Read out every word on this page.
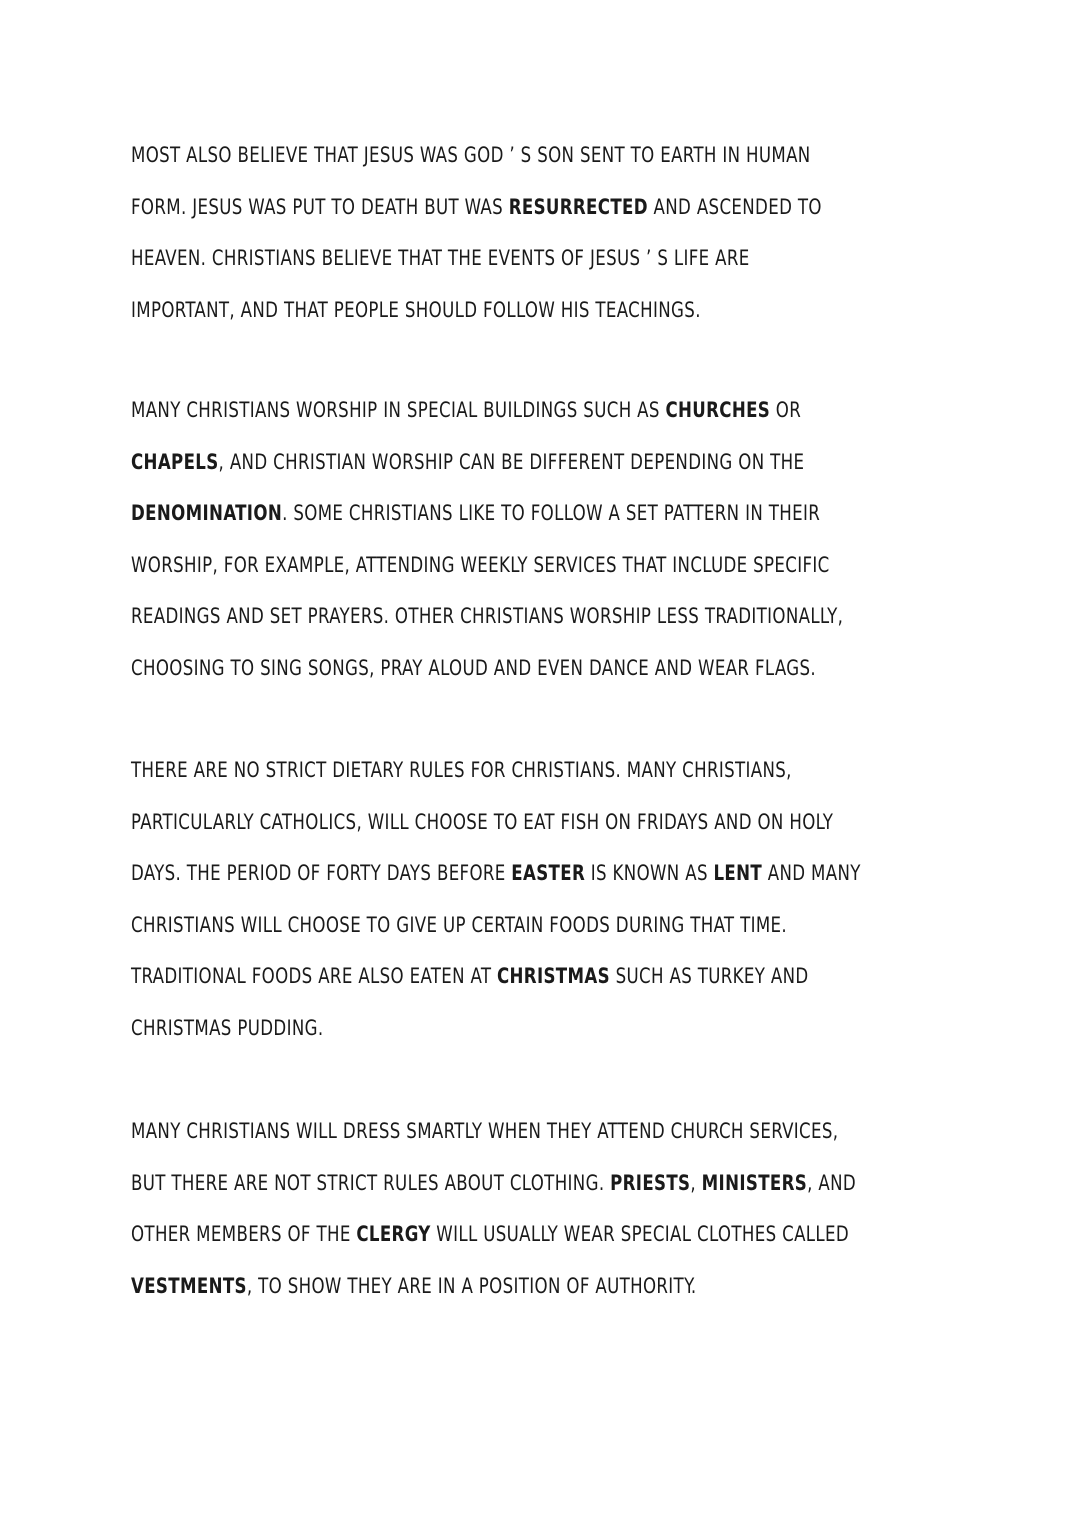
MOST ALSO BELIEVE THAT JESUS WAS GOD ’ S SON SENT TO EARTH IN HUMAN
FORM. JESUS WAS PUT TO DEATH BUT WAS RESURRECTED AND ASCENDED TO
HEAVEN. CHRISTIANS BELIEVE THAT THE EVENTS OF JESUS ’ S LIFE ARE
IMPORTANT, AND THAT PEOPLE SHOULD FOLLOW HIS TEACHINGS.
MANY CHRISTIANS WORSHIP IN SPECIAL BUILDINGS SUCH AS CHURCHES OR
CHAPELS, AND CHRISTIAN WORSHIP CAN BE DIFFERENT DEPENDING ON THE
DENOMINATION. SOME CHRISTIANS LIKE TO FOLLOW A SET PATTERN IN THEIR
WORSHIP, FOR EXAMPLE, ATTENDING WEEKLY SERVICES THAT INCLUDE SPECIFIC
READINGS AND SET PRAYERS. OTHER CHRISTIANS WORSHIP LESS TRADITIONALLY,
CHOOSING TO SING SONGS, PRAY ALOUD AND EVEN DANCE AND WEAR FLAGS.
THERE ARE NO STRICT DIETARY RULES FOR CHRISTIANS. MANY CHRISTIANS,
PARTICULARLY CATHOLICS, WILL CHOOSE TO EAT FISH ON FRIDAYS AND ON HOLY
DAYS. THE PERIOD OF FORTY DAYS BEFORE EASTER IS KNOWN AS LENT AND MANY
CHRISTIANS WILL CHOOSE TO GIVE UP CERTAIN FOODS DURING THAT TIME.
TRADITIONAL FOODS ARE ALSO EATEN AT CHRISTMAS SUCH AS TURKEY AND
CHRISTMAS PUDDING.
MANY CHRISTIANS WILL DRESS SMARTLY WHEN THEY ATTEND CHURCH SERVICES,
BUT THERE ARE NOT STRICT RULES ABOUT CLOTHING. PRIESTS, MINISTERS, AND
OTHER MEMBERS OF THE CLERGY WILL USUALLY WEAR SPECIAL CLOTHES CALLED
VESTMENTS, TO SHOW THEY ARE IN A POSITION OF AUTHORITY.
